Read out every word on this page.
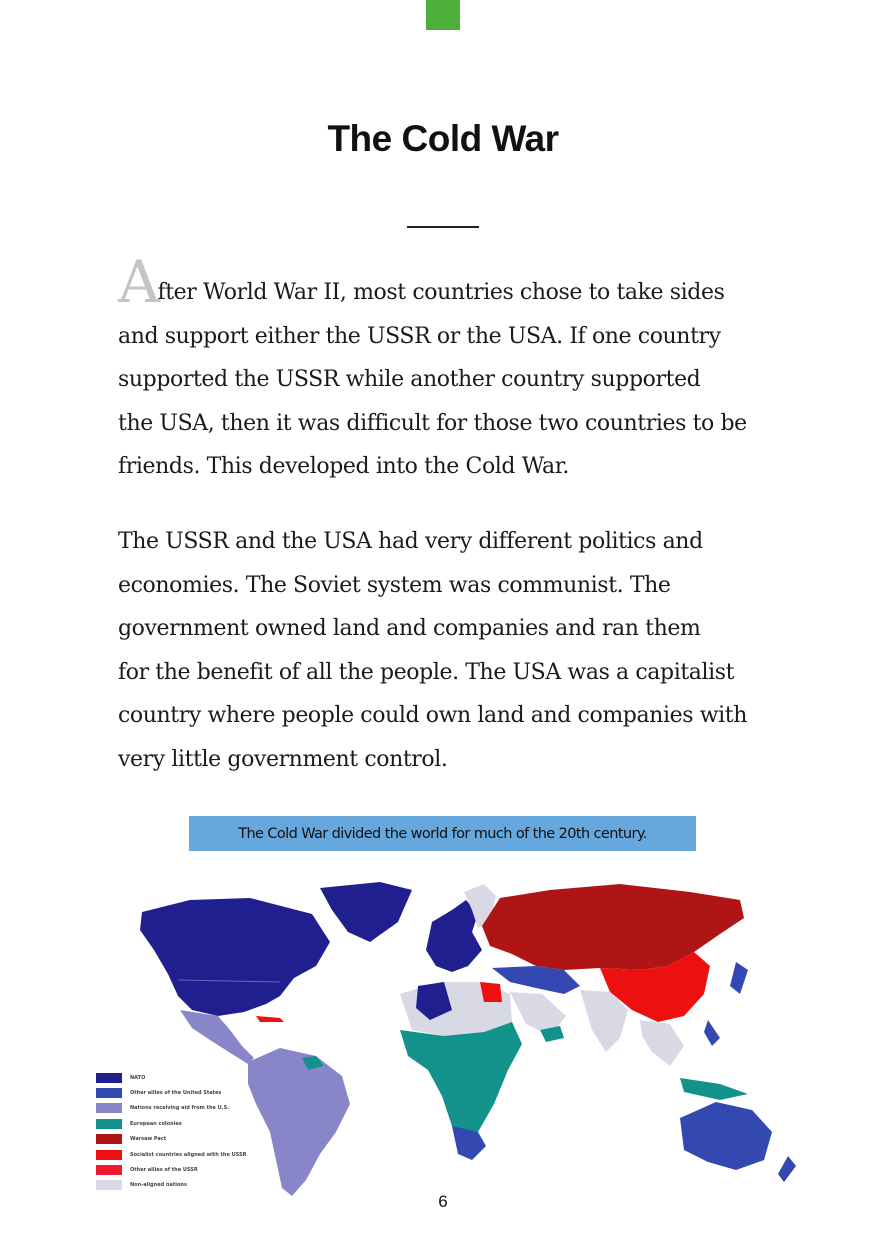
The Cold War
After World War II, most countries chose to take sides
and support either the USSR or the USA. If one country
supported the USSR while another country supported
the USA, then it was difficult for those two countries to be
friends. This developed into the Cold War.
The USSR and the USA had very different politics and
economies. The Soviet system was communist. The
government owned land and companies and ran them
for the benefit of all the people. The USA was a capitalist
country where people could own land and companies with
very little government control.
The Cold War divided the world for much of the 20th century.
NATO
Other allies of the United States
Nations receiving aid from the U.S.
European colonies
Warsaw Pact
Socialist countries aligned with the USSR
Other allies of the USSR
Non-aligned nations
6
